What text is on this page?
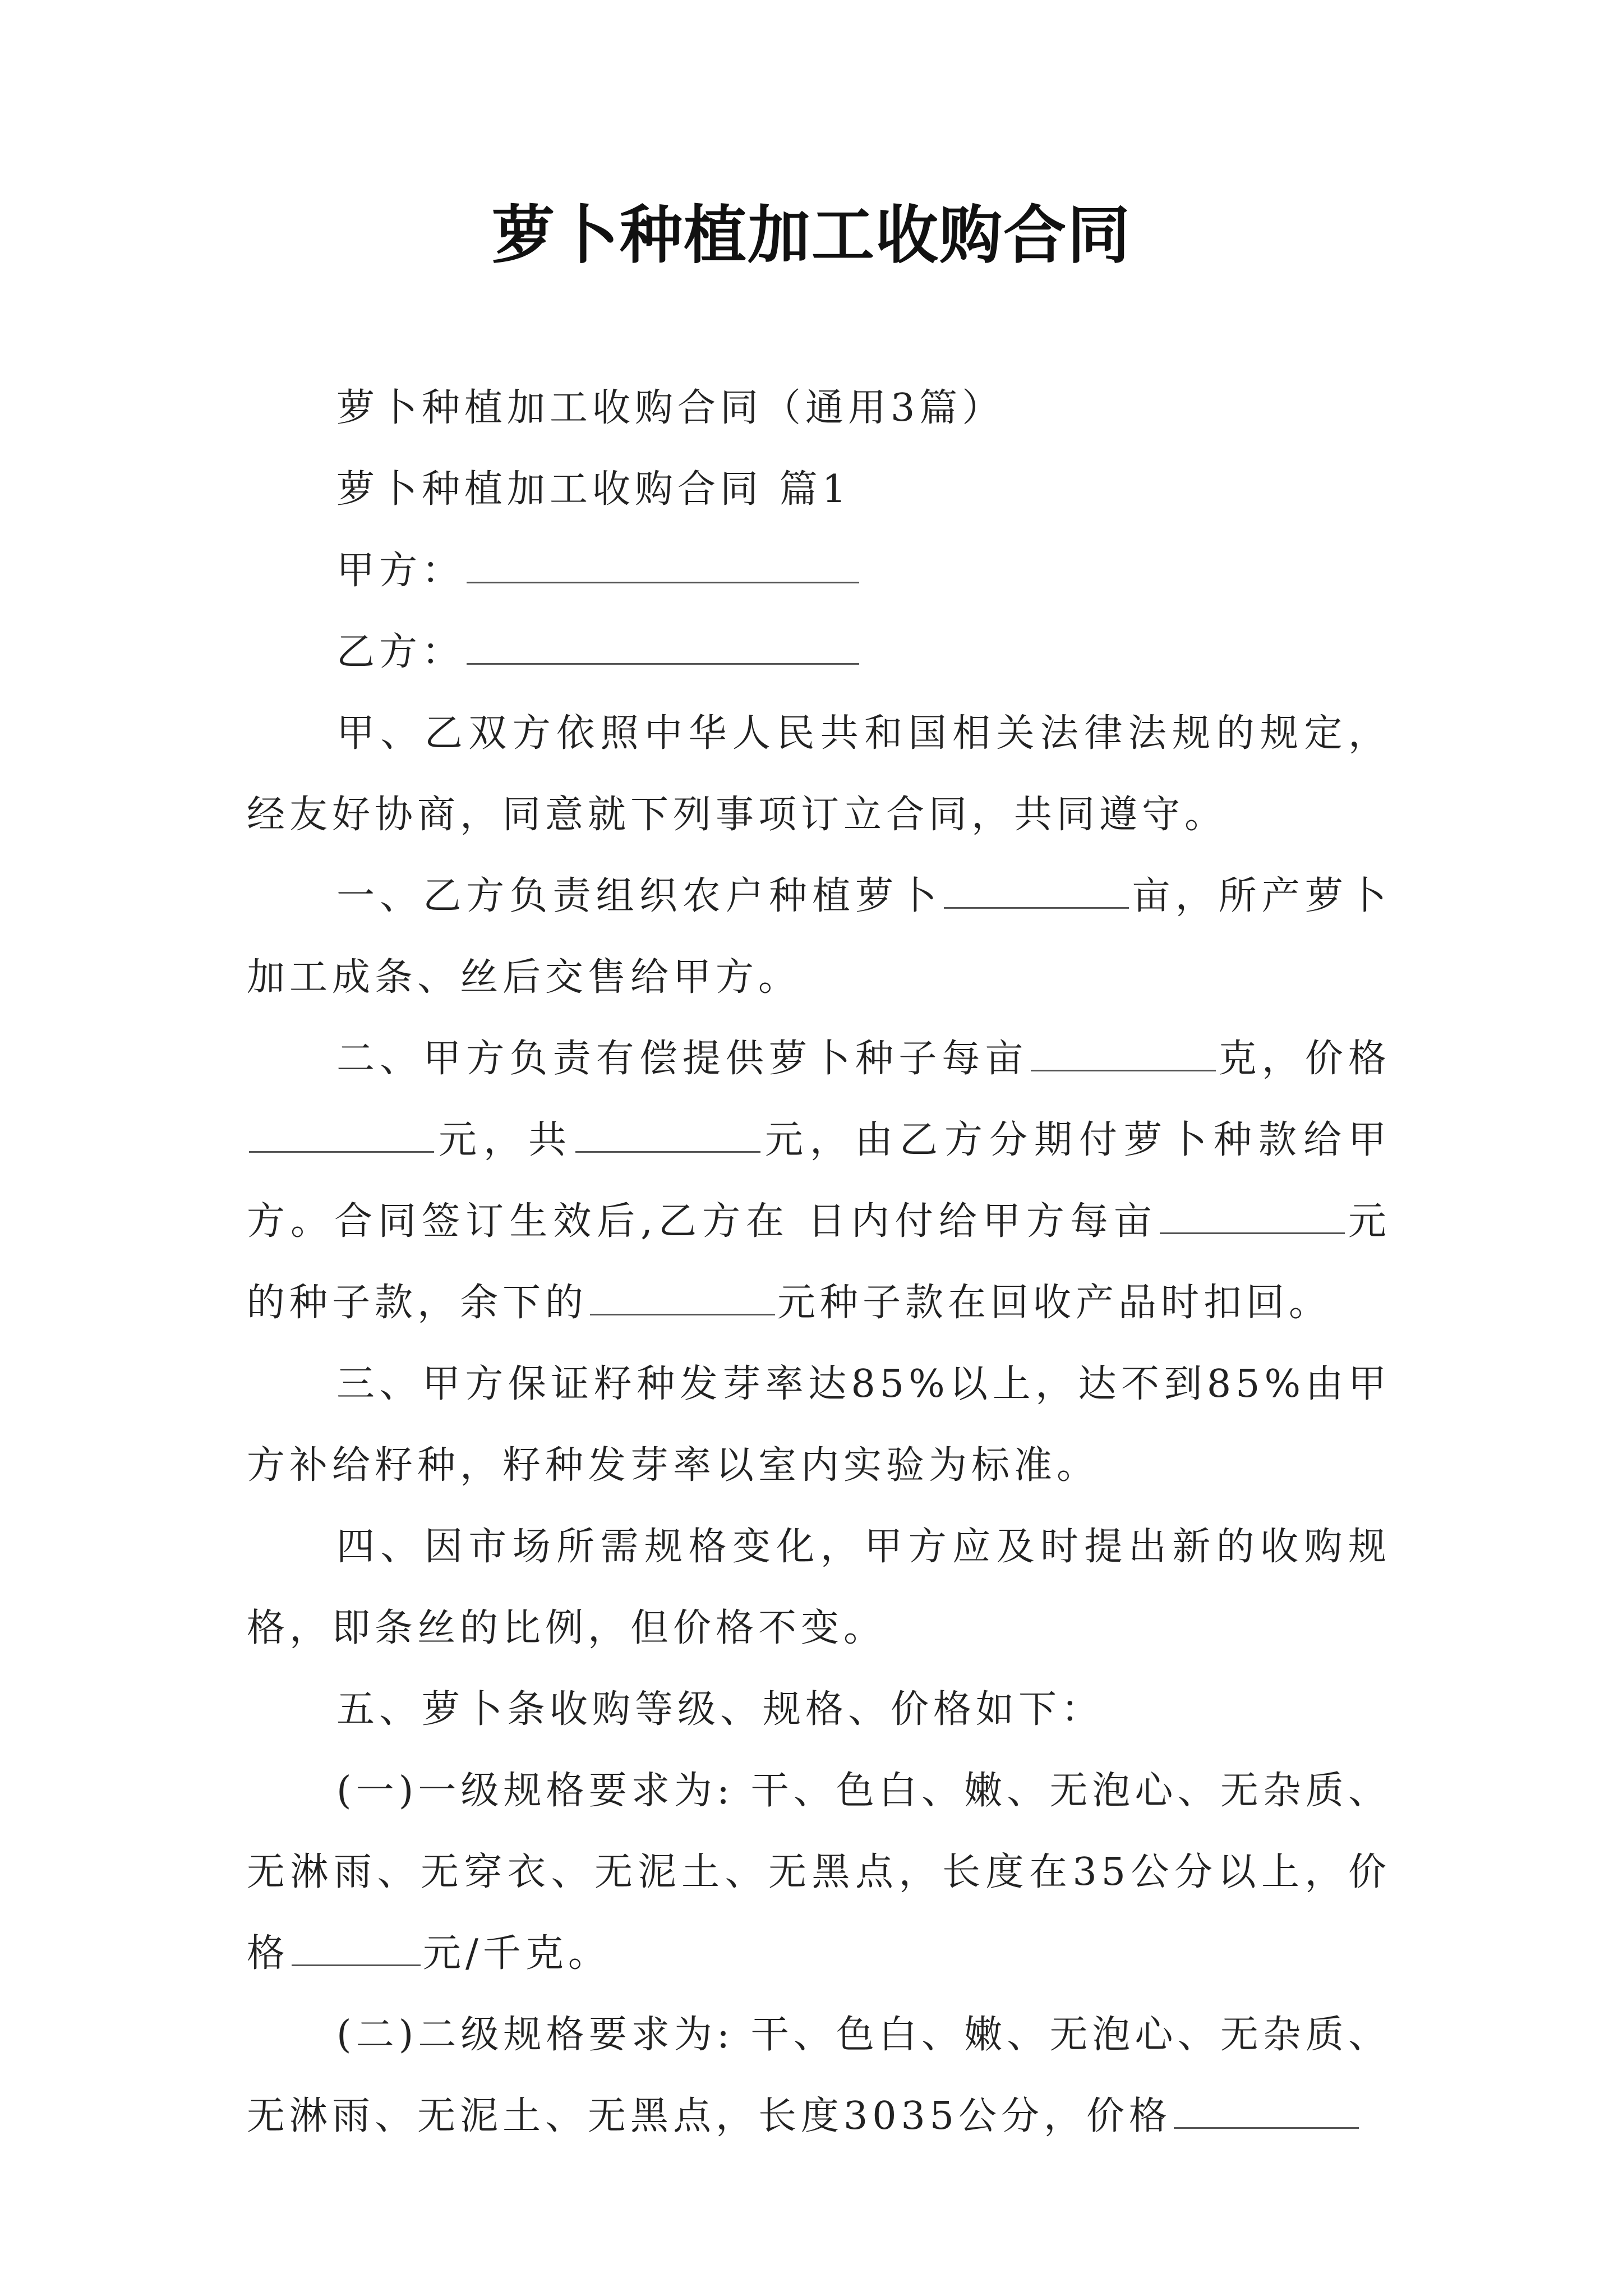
萝卜种植加工收购合同

萝卜种植加工收购合同（通用3篇）

萝卜种植加工收购合同 篇1

甲方：

乙方：

甲、乙双方依照中华人民共和国相关法律法规的规定，经友好协商，同意就下列事项订立合同，共同遵守。

一、乙方负责组织农户种植萝卜	亩，所产萝卜加工成条、丝后交售给甲方。

二、甲方负责有偿提供萝卜种子每亩	克，价格元，共	元，由乙方分期付萝卜种款给甲方。合同签订生效后,乙方在 日内付给甲方每亩	元的种子款，余下的	元种子款在回收产品时扣回。

三、甲方保证籽种发芽率达85%以上，达不到85%由甲方补给籽种，籽种发芽率以室内实验为标准。

四、因市场所需规格变化，甲方应及时提出新的收购规格，即条丝的比例，但价格不变。

五、萝卜条收购等级、规格、价格如下：

(一)一级规格要求为: 干、色白、嫩、无泡心、无杂质、无淋雨、无穿衣、无泥土、无黑点，长度在35公分以上，价格	元/千克。

(二)二级规格要求为: 干、色白、嫩、无泡心、无杂质、无淋雨、无泥土、无黑点，长度3035公分，价格
